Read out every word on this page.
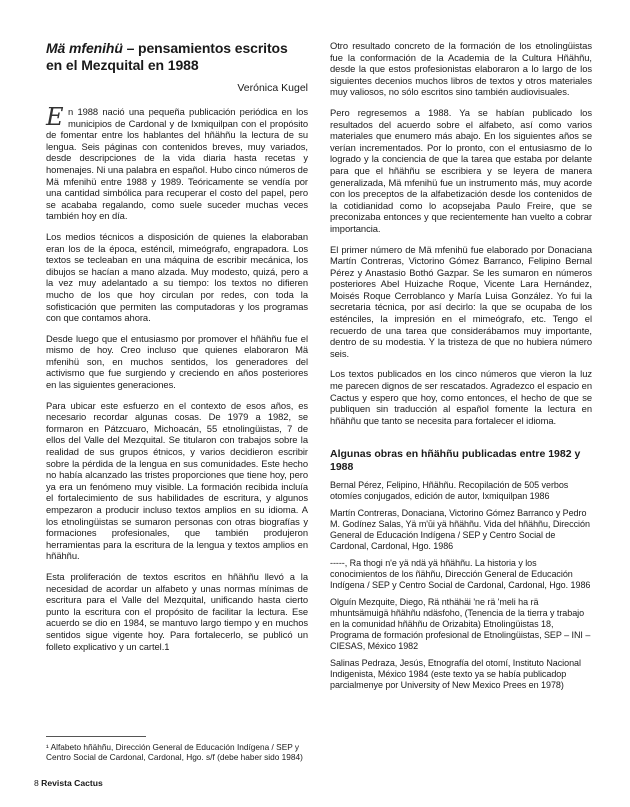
Mä mfenihü – pensamientos escritos
en el Mezquital en 1988
Verónica Kugel
E n 1988 nació una pequeña publicación periódica en los municipios de Cardonal y de Ixmiquilpan con el propósito de fomentar entre los hablantes del hñähñu la lectura de su lengua. Seis páginas con contenidos breves, muy variados, desde descripciones de la vida diaria hasta recetas y homenajes. Ni una palabra en español. Hubo cinco números de Mä mfenihü entre 1988 y 1989. Teóricamente se vendía por una cantidad simbólica para recuperar el costo del papel, pero se acababa regalando, como suele suceder muchas veces también hoy en día.

Los medios técnicos a disposición de quienes la elaboraban eran los de la época, esténcil, mimeógrafo, engrapadora. Los textos se tecleaban en una máquina de escribir mecánica, los dibujos se hacían a mano alzada. Muy modesto, quizá, pero a la vez muy adelantado a su tiempo: los textos no difieren mucho de los que hoy circulan por redes, con toda la sofisticación que permiten las computadoras y los programas con que contamos ahora.

Desde luego que el entusiasmo por promover el hñähñu fue el mismo de hoy. Creo incluso que quienes elaboraron Mä mfenihü son, en muchos sentidos, los generadores del activismo que fue surgiendo y creciendo en años posteriores en las siguientes generaciones.

Para ubicar este esfuerzo en el contexto de esos años, es necesario recordar algunas cosas. De 1979 a 1982, se formaron en Pátzcuaro, Michoacán, 55 etnolingüistas, 7 de ellos del Valle del Mezquital. Se titularon con trabajos sobre la realidad de sus grupos étnicos, y varios decidieron escribir sobre la pérdida de la lengua en sus comunidades. Este hecho no había alcanzado las tristes proporciones que tiene hoy, pero ya era un fenómeno muy visible. La formación recibida incluía el fortalecimiento de sus habilidades de escritura, y algunos empezaron a producir incluso textos amplios en su idioma. A los etnolingüistas se sumaron personas con otras biografías y formaciones profesionales, que también produjeron herramientas para la escritura de la lengua y textos amplios en hñähñu.

Esta proliferación de textos escritos en hñähñu llevó a la necesidad de acordar un alfabeto y unas normas mínimas de escritura para el Valle del Mezquital, unificando hasta cierto punto la escritura con el propósito de facilitar la lectura. Ese acuerdo se dio en 1984, se mantuvo largo tiempo y en muchos sentidos sigue vigente hoy. Para fortalecerlo, se publicó un folleto explicativo y un cartel.1

Otro resultado concreto de la formación de los etnolingüistas fue la conformación de la Academia de la Cultura Hñähñu, desde la que estos profesionistas elaboraron a lo largo de los siguientes decenios muchos libros de textos y otros materiales muy valiosos, no sólo escritos sino también audiovisuales.

Pero regresemos a 1988. Ya se habían publicado los resultados del acuerdo sobre el alfabeto, así como varios materiales que enumero más abajo. En los siguientes años se verían incrementados. Por lo pronto, con el entusiasmo de lo logrado y la conciencia de que la tarea que estaba por delante para que el hñähñu se escribiera y se leyera de manera generalizada, Mä mfenihü fue un instrumento más, muy acorde con los preceptos de la alfabetización desde los contenidos de la cotidianidad como lo acopsejaba Paulo Freire, que se preconizaba entonces y que recientemente han vuelto a cobrar importancia.

El primer número de Mä mfenihü fue elaborado por Donaciana Martín Contreras, Victorino Gómez Barranco, Felipino Bernal Pérez y Anastasio Bothó Gazpar. Se les sumaron en números posteriores Abel Huizache Roque, Vicente Lara Hernández, Moisés Roque Cerroblanco y María Luisa González. Yo fui la secretaria técnica, por así decirlo: la que se ocupaba de los esténciles, la impresión en el mimeógrafo, etc. Tengo el recuerdo de una tarea que considerábamos muy importante, dentro de su modestia. Y la tristeza de que no hubiera número seis.

Los textos publicados en los cinco números que vieron la luz me parecen dignos de ser rescatados. Agradezco el espacio en Cactus y espero que hoy, como entonces, el hecho de que se publiquen sin traducción al español fomente la lectura en hñähñu que tanto se necesita para fortalecer el idioma.

Algunas obras en hñähñu publicadas entre 1982 y 1988

Bernal Pérez, Felipino, Hñähñu. Recopilación de 505 verbos otomíes conjugados, edición de autor, Ixmiquilpan 1986

Martín Contreras, Donaciana, Victorino Gómez Barranco y Pedro M. Godínez Salas, Yä m'ūi yä hñähñu. Vida del hñähñu, Dirección General de Educación Indígena / SEP y Centro Social de Cardonal, Cardonal, Hgo. 1986

-----, Ra thogi n'e yä ndä yä hñähñu. La historia y los conocimientos de los ñähñu, Dirección General de Educación Indígena / SEP y Centro Social de Cardonal, Cardonal, Hgo. 1986

Olguín Mezquite, Diego, Rä nthähäi 'ne rä 'meli ha rä mhuntsämuigä hñähñu ndäsfoho, (Tenencia de la tierra y trabajo en la comunidad hñähñu de Orizabita) Etnolingüistas 18, Programa de formación profesional de Etnolingüistas, SEP – INI – CIESAS, México 1982

Salinas Pedraza, Jesús, Etnografía del otomí, Instituto Nacional Indigenista, México 1984 (este texto ya se había publicadop parcialmenye por University of New Mexico Prees en 1978)

¹ Alfabeto hñähñu, Dirección General de Educación Indígena / SEP y Centro Social de Cardonal, Cardonal, Hgo. s/f (debe haber sido 1984)
8 Revista Cactus
